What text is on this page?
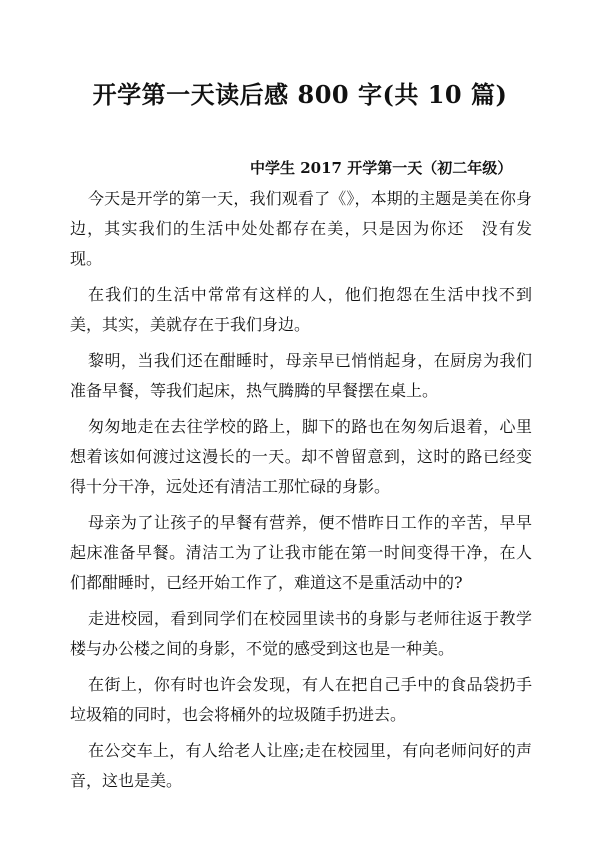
开学第一天读后感 800 字(共 10 篇)

中学生 2017 开学第一天（初二年级）

今天是开学的第一天，我们观看了《》，本期的主题是美在你身边，其实我们的生活中处处都存在美，只是因为你还　没有发现。

在我们的生活中常常有这样的人，他们抱怨在生活中找不到美，其实，美就存在于我们身边。

黎明，当我们还在酣睡时，母亲早已悄悄起身，在厨房为我们准备早餐，等我们起床，热气腾腾的早餐摆在桌上。

匆匆地走在去往学校的路上，脚下的路也在匆匆后退着，心里想着该如何渡过这漫长的一天。却不曾留意到，这时的路已经变得十分干净，远处还有清洁工那忙碌的身影。

母亲为了让孩子的早餐有营养，便不惜昨日工作的辛苦，早早起床准备早餐。清洁工为了让我市能在第一时间变得干净，在人们都酣睡时，已经开始工作了，难道这不是重活动中的?

走进校园，看到同学们在校园里读书的身影与老师往返于教学楼与办公楼之间的身影，不觉的感受到这也是一种美。

在街上，你有时也许会发现，有人在把自己手中的食品袋扔手垃圾箱的同时，也会将桶外的垃圾随手扔进去。

在公交车上，有人给老人让座;走在校园里，有向老师问好的声音，这也是美。
